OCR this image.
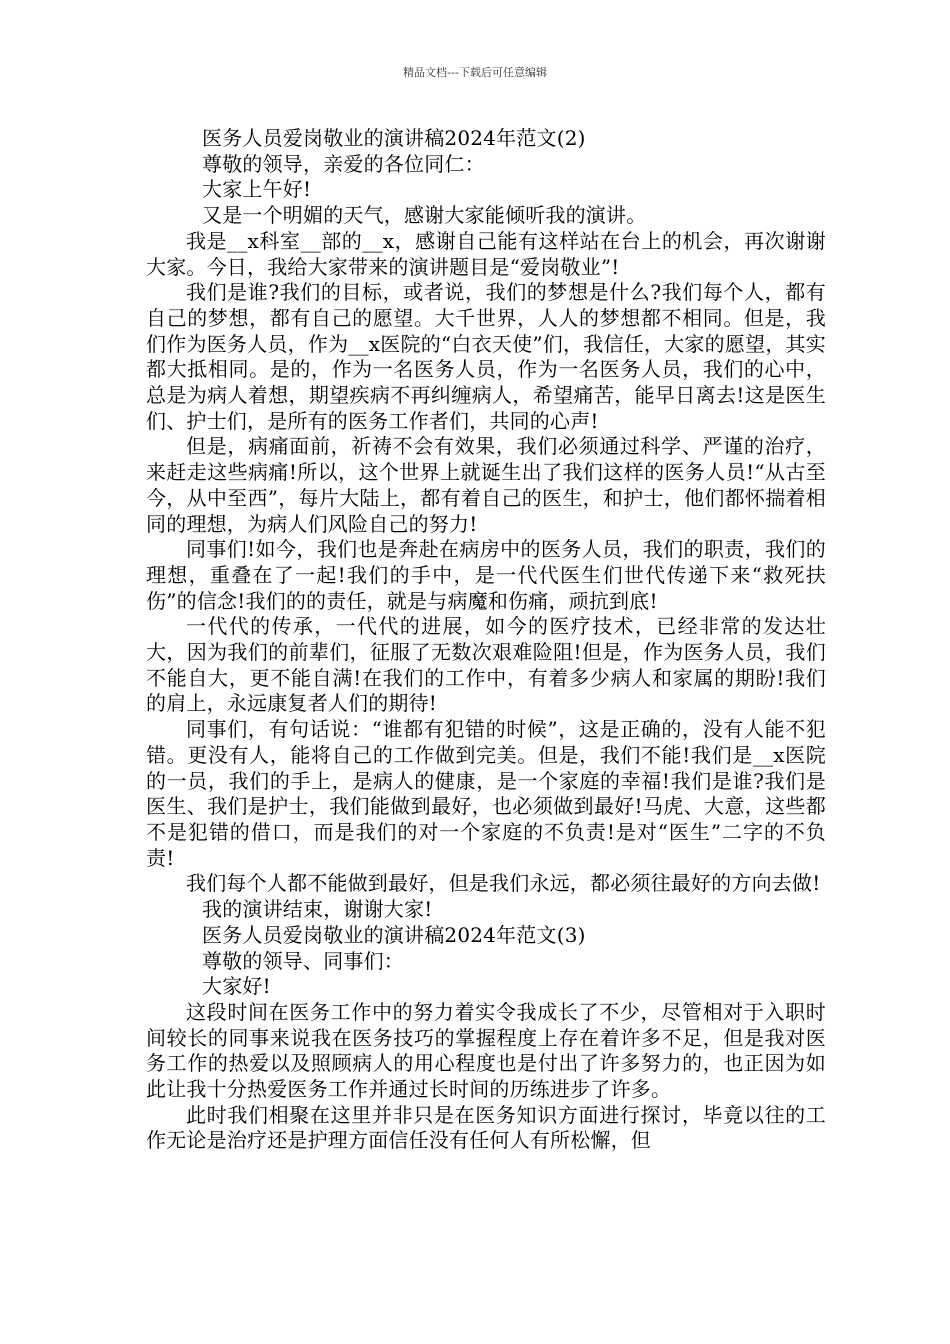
精品文档---下载后可任意编辑

医务人员爱岗敬业的演讲稿2024年范文(2)

尊敬的领导，亲爱的各位同仁：

大家上午好!

又是一个明媚的天气，感谢大家能倾听我的演讲。

我是__x科室__部的__x，感谢自己能有这样站在台上的机会，再次谢谢大家。今日，我给大家带来的演讲题目是“爱岗敬业”!

我们是谁?我们的目标，或者说，我们的梦想是什么?我们每个人，都有自己的梦想，都有自己的愿望。大千世界，人人的梦想都不相同。但是，我们作为医务人员，作为__x医院的“白衣天使”们，我信任，大家的愿望，其实都大抵相同。是的，作为一名医务人员，作为一名医务人员，我们的心中，总是为病人着想，期望疾病不再纠缠病人，希望痛苦，能早日离去!这是医生们、护士们，是所有的医务工作者们，共同的心声!

但是，病痛面前，祈祷不会有效果，我们必须通过科学、严谨的治疗，来赶走这些病痛!所以，这个世界上就诞生出了我们这样的医务人员!“从古至今，从中至西”，每片大陆上，都有着自己的医生，和护士，他们都怀揣着相同的理想，为病人们风险自己的努力!

同事们!如今，我们也是奔赴在病房中的医务人员，我们的职责，我们的理想，重叠在了一起!我们的手中，是一代代医生们世代传递下来“救死扶伤”的信念!我们的的责任，就是与病魔和伤痛，顽抗到底!

一代代的传承，一代代的进展，如今的医疗技术，已经非常的发达壮大，因为我们的前辈们，征服了无数次艰难险阻!但是，作为医务人员，我们不能自大，更不能自满!在我们的工作中，有着多少病人和家属的期盼!我们的肩上，永远康复者人们的期待!

同事们，有句话说：“谁都有犯错的时候”，这是正确的，没有人能不犯错。更没有人，能将自己的工作做到完美。但是，我们不能!我们是__x医院的一员，我们的手上，是病人的健康，是一个家庭的幸福!我们是谁?我们是医生、我们是护士，我们能做到最好，也必须做到最好!马虎、大意，这些都不是犯错的借口，而是我们的对一个家庭的不负责!是对“医生”二字的不负责!

我们每个人都不能做到最好，但是我们永远，都必须往最好的方向去做!

我的演讲结束，谢谢大家!

医务人员爱岗敬业的演讲稿2024年范文(3)

尊敬的领导、同事们：

大家好!

这段时间在医务工作中的努力着实令我成长了不少，尽管相对于入职时间较长的同事来说我在医务技巧的掌握程度上存在着许多不足，但是我对医务工作的热爱以及照顾病人的用心程度也是付出了许多努力的，也正因为如此让我十分热爱医务工作并通过长时间的历练进步了许多。

此时我们相聚在这里并非只是在医务知识方面进行探讨，毕竟以往的工作无论是治疗还是护理方面信任没有任何人有所松懈，但
